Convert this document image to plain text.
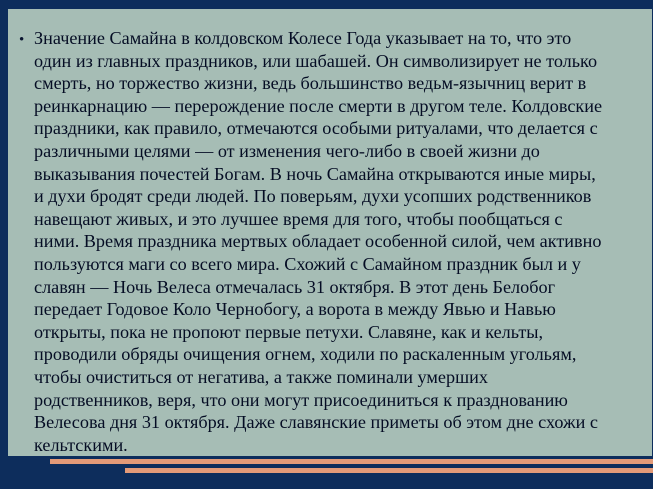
• Значение Самайна в колдовском Колесе Года указывает на то, что это
один из главных праздников, или шабашей. Он символизирует не только
смерть, но торжество жизни, ведь большинство ведьм-язычниц верит в
реинкарнацию — перерождение после смерти в другом теле. Колдовские
праздники, как правило, отмечаются особыми ритуалами, что делается с
различными целями — от изменения чего-либо в своей жизни до
выказывания почестей Богам. В ночь Самайна открываются иные миры,
и духи бродят среди людей. По поверьям, духи усопших родственников
навещают живых, и это лучшее время для того, чтобы пообщаться с
ними. Время праздника мертвых обладает особенной силой, чем активно
пользуются маги со всего мира. Схожий с Самайном праздник был и у
славян — Ночь Велеса отмечалась 31 октября. В этот день Белобог
передает Годовое Коло Чернобогу, а ворота в между Явью и Навью
открыты, пока не пропоют первые петухи. Славяне, как и кельты,
проводили обряды очищения огнем, ходили по раскаленным угольям,
чтобы очиститься от негатива, а также поминали умерших
родственников, веря, что они могут присоединиться к празднованию
Велесова дня 31 октября. Даже славянские приметы об этом дне схожи с
кельтскими.
